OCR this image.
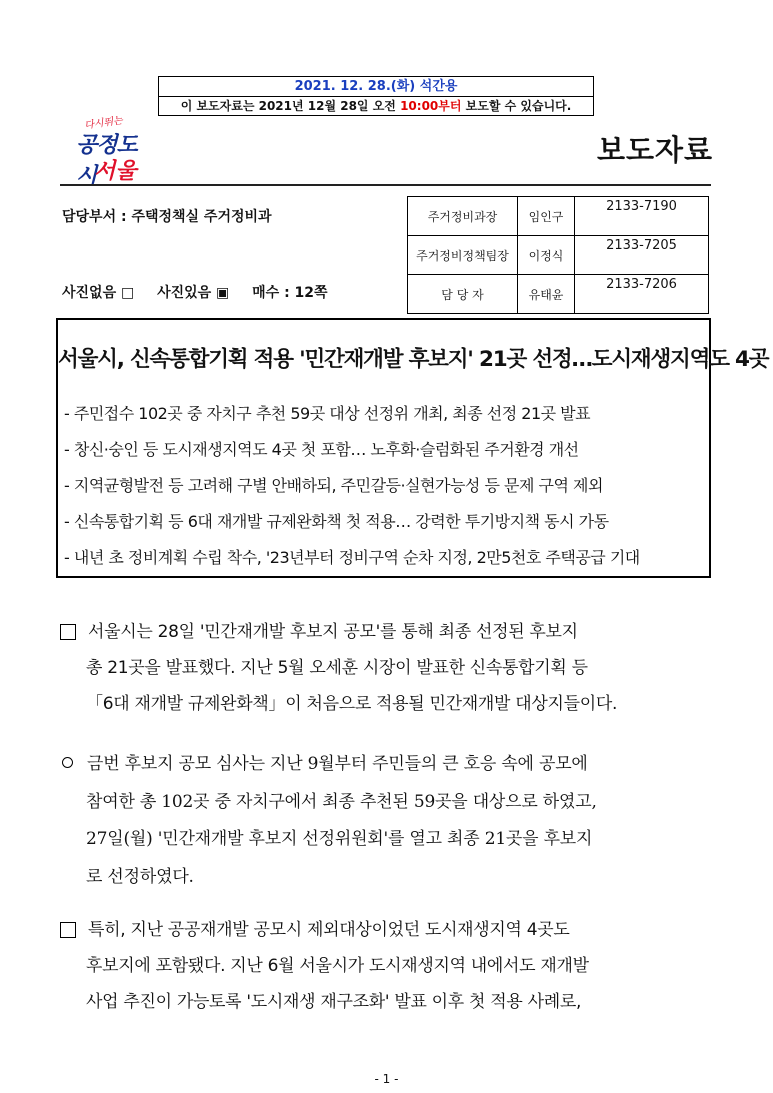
2021. 12. 28.(화) 석간용
이 보도자료는 2021년 12월 28일 오전 10:00부터 보도할 수 있습니다.
다시뛰는
공정도시
서울
보도자료
담당부서 : 주택정책실 주거정비과
사진없음 □ 사진있음 ▣ 매수 : 12쪽
주거정비과장	임인구	2133-7190
주거정비정책팀장	이정식	2133-7205
담 당 자	유태윤	2133-7206
서울시, 신속통합기획 적용 '민간재개발 후보지' 21곳 선정…도시재생지역도 4곳
- 주민접수 102곳 중 자치구 추천 59곳 대상 선정위 개최, 최종 선정 21곳 발표
- 창신·숭인 등 도시재생지역도 4곳 첫 포함… 노후화·슬럼화된 주거환경 개선
- 지역균형발전 등 고려해 구별 안배하되, 주민갈등·실현가능성 등 문제 구역 제외
- 신속통합기획 등 6대 재개발 규제완화책 첫 적용… 강력한 투기방지책 동시 가동
- 내년 초 정비계획 수립 착수, '23년부터 정비구역 순차 지정, 2만5천호 주택공급 기대
서울시는 28일 '민간재개발 후보지 공모'를 통해 최종 선정된 후보지
총 21곳을 발표했다. 지난 5월 오세훈 시장이 발표한 신속통합기획 등
「6대 재개발 규제완화책」이 처음으로 적용될 민간재개발 대상지들이다.
금번 후보지 공모 심사는 지난 9월부터 주민들의 큰 호응 속에 공모에
참여한 총 102곳 중 자치구에서 최종 추천된 59곳을 대상으로 하였고,
27일(월) '민간재개발 후보지 선정위원회'를 열고 최종 21곳을 후보지
로 선정하였다.
특히, 지난 공공재개발 공모시 제외대상이었던 도시재생지역 4곳도
후보지에 포함됐다. 지난 6월 서울시가 도시재생지역 내에서도 재개발
사업 추진이 가능토록 '도시재생 재구조화' 발표 이후 첫 적용 사례로,
- 1 -
